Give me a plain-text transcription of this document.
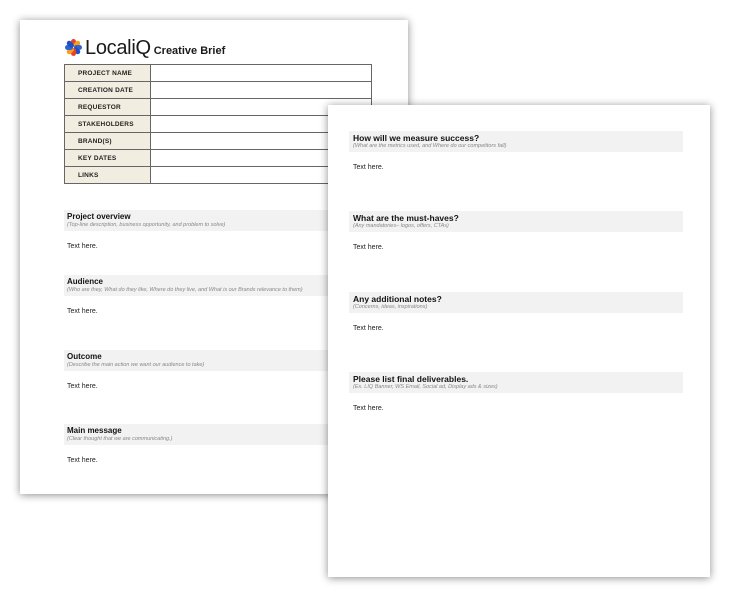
LocaliQ Creative Brief
PROJECT NAME	
CREATION DATE	
REQUESTOR	
STAKEHOLDERS	
BRAND(S)	
KEY DATES	
LINKS	
Project overview
(Top-line description, business opportunity, and problem to solve)
Text here.
Audience
(Who are they, What do they like, Where do they live, and What is our Brands relevance to them)
Text here.
Outcome
(Describe the main action we want our audience to take)
Text here.
Main message
(Clear thought that we are communicating.)
Text here.
How will we measure success?
(What are the metrics used, and Where do our competitors fall)
Text here.
What are the must-haves?
(Any mandatories– logos, offers, CTAs)
Text here.
Any additional notes?
(Concerns, ideas, inspirations)
Text here.
Please list final deliverables.
(Ex. LIQ Banner, WS Email, Social ad, Display ads & sizes)
Text here.
